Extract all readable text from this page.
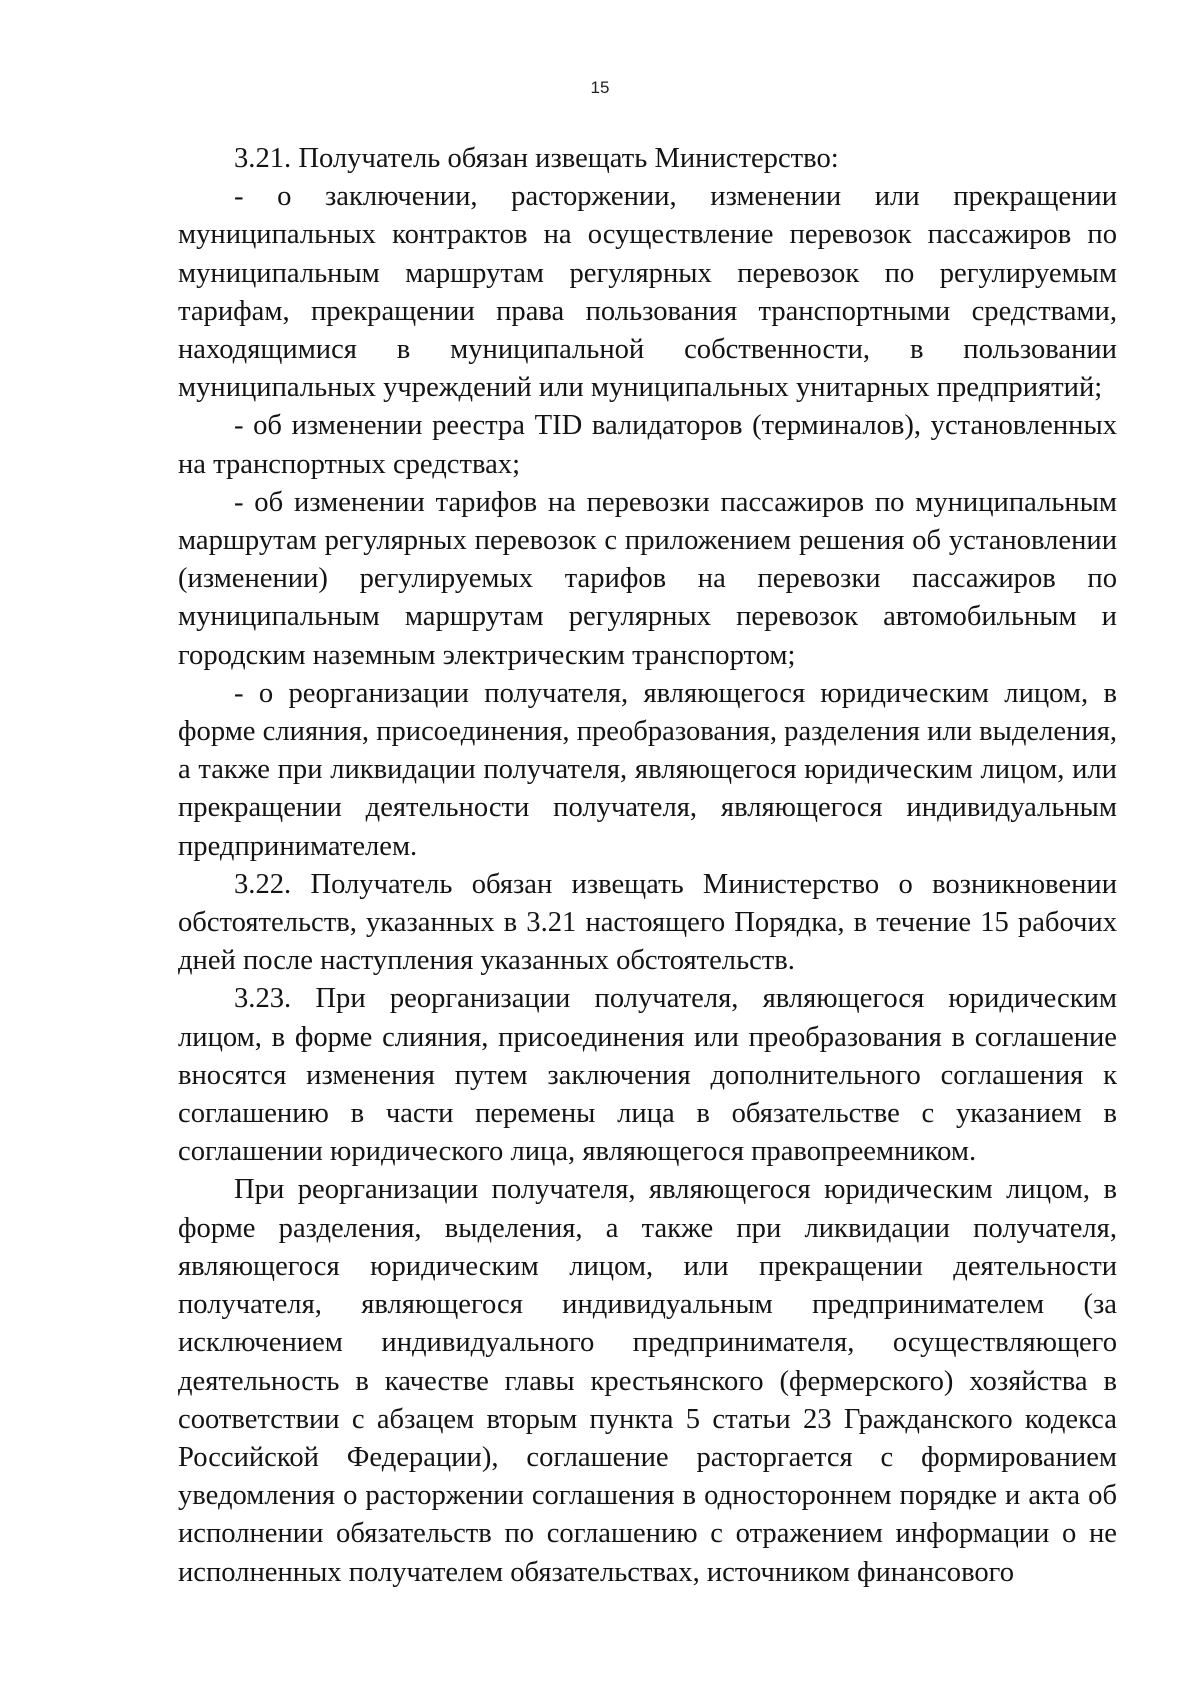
15

3.21. Получатель обязан извещать Министерство:

- о заключении, расторжении, изменении или прекращении муниципальных контрактов на осуществление перевозок пассажиров по муниципальным маршрутам регулярных перевозок по регулируемым тарифам, прекращении права пользования транспортными средствами, находящимися в муниципальной собственности, в пользовании муниципальных учреждений или муниципальных унитарных предприятий;

- об изменении реестра TID валидаторов (терминалов), установленных на транспортных средствах;

- об изменении тарифов на перевозки пассажиров по муниципальным маршрутам регулярных перевозок с приложением решения об установлении (изменении) регулируемых тарифов на перевозки пассажиров по муниципальным маршрутам регулярных перевозок автомобильным и городским наземным электрическим транспортом;

- о реорганизации получателя, являющегося юридическим лицом, в форме слияния, присоединения, преобразования, разделения или выделения, а также при ликвидации получателя, являющегося юридическим лицом, или прекращении деятельности получателя, являющегося индивидуальным предпринимателем.

3.22. Получатель обязан извещать Министерство о возникновении обстоятельств, указанных в 3.21 настоящего Порядка, в течение 15 рабочих дней после наступления указанных обстоятельств.

3.23. При реорганизации получателя, являющегося юридическим лицом, в форме слияния, присоединения или преобразования в соглашение вносятся изменения путем заключения дополнительного соглашения к соглашению в части перемены лица в обязательстве с указанием в соглашении юридического лица, являющегося правопреемником.

При реорганизации получателя, являющегося юридическим лицом, в форме разделения, выделения, а также при ликвидации получателя, являющегося юридическим лицом, или прекращении деятельности получателя, являющегося индивидуальным предпринимателем (за исключением индивидуального предпринимателя, осуществляющего деятельность в качестве главы крестьянского (фермерского) хозяйства в соответствии с абзацем вторым пункта 5 статьи 23 Гражданского кодекса Российской Федерации), соглашение расторгается с формированием уведомления о расторжении соглашения в одностороннем порядке и акта об исполнении обязательств по соглашению с отражением информации о не исполненных получателем обязательствах, источником финансового
